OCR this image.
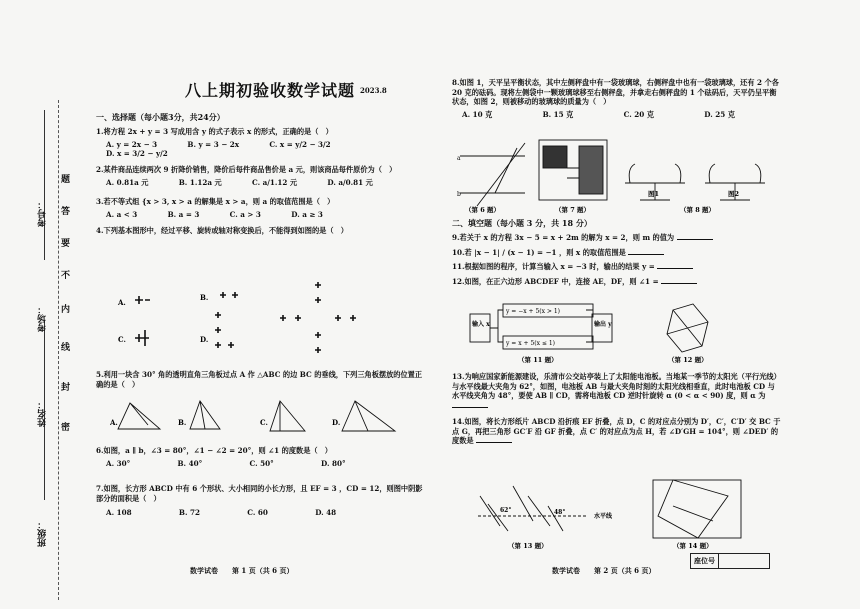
考号：
考场：
姓名：
班级：
密
封
线
内
不
要
答
题
八上期初验收数学试题 2023.8

一、选择题（每小题3分，共24分）

1.将方程 2x + y = 3 写成用含 y 的式子表示 x 的形式，正确的是（　）

A. y = 2x − 3	B. y = 3 − 2x	C. x = y/2 − 3/2 D. x = 3/2 − y/2

2.某件商品连续两次 9 折降价销售，降价后每件商品售价是 a 元，则该商品每件原价为（　）

A. 0.81a 元	B. 1.12a 元	C. a/1.12 元	D. a/0.81 元

3.若不等式组 {x > 3, x > a 的解集是 x > a，则 a 的取值范围是（　）

A. a < 3	B. a = 3	C. a > 3	D. a ≥ 3

4.下列基本图形中，经过平移、旋转或轴对称变换后，不能得到如图的是（　）

A.
C.
B.
D.

5.利用一块含 30° 角的透明直角三角板过点 A 作 △ABC 的边 BC 的垂线，下列三角板摆放的位置正确的是（　）

A.	B.	C.	D.

6.如图，a ∥ b，∠3 = 80°，∠1 − ∠2 = 20°，则 ∠1 的度数是（　）

A. 30°	B. 40°	C. 50°	D. 80°

7.如图，长方形 ABCD 中有 6 个形状、大小相同的小长方形，且 EF = 3 ，CD = 12，则图中阴影部分的面积是（　）

A. 108	B. 72	C. 60	D. 48

数学试卷　　第 1 页（共 6 页）

8.如图 1，天平呈平衡状态，其中左侧秤盘中有一袋玻璃球，右侧秤盘中也有一袋玻璃球，还有 2 个各 20 克的砝码。现将左侧袋中一颗玻璃球移至右侧秤盘，并拿走右侧秤盘的 1 个砝码后，天平仍呈平衡状态，如图 2，则被移动的玻璃球的质量为（　）

A. 10 克	B. 15 克	C. 20 克	D. 25 克

a
b
（第 6 题）	（第 7 题）
图1	图2
（第 8 题）

二、填空题（每小题 3 分，共 18 分）

9.若关于 x 的方程 3x − 5 = x + 2m 的解为 x = 2，则 m 的值为

10.若 |x − 1| / (x − 1) = −1 ，则 x 的取值范围是

11.根据如图的程序，计算当输入 x = −3 时，输出的结果 y =

12.如图，在正六边形 ABCDEF 中，连接 AE，DF，则 ∠1 =

输入 x
y = −x + 5(x > 1)
y = x + 5(x ≤ 1)
输出 y
（第 11 题）	（第 12 题）

13.为响应国家新能源建设，乐清市公交站亭装上了太阳能电池板。当地某一季节的太阳光（平行光线）与水平线最大夹角为 62°，如图，电池板 AB 与最大夹角时刻的太阳光线相垂直，此时电池板 CD 与水平线夹角为 48°，要使 AB ∥ CD，需将电池板 CD 逆时针旋转 α (0 < α < 90) 度，则 α 为

14.如图，将长方形纸片 ABCD 沿折痕 EF 折叠，点 D，C 的对应点分别为 D′，C′，C′D′ 交 BC 于点 G，再把三角形 GC′F 沿 GF 折叠，点 C′ 的对应点为点 H，若 ∠D′GH = 104°，则 ∠DED′ 的度数是

62°	48°
水平线
（第 13 题）	（第 14 题）
数学试卷　　第 2 页（共 6 页）
座位号
